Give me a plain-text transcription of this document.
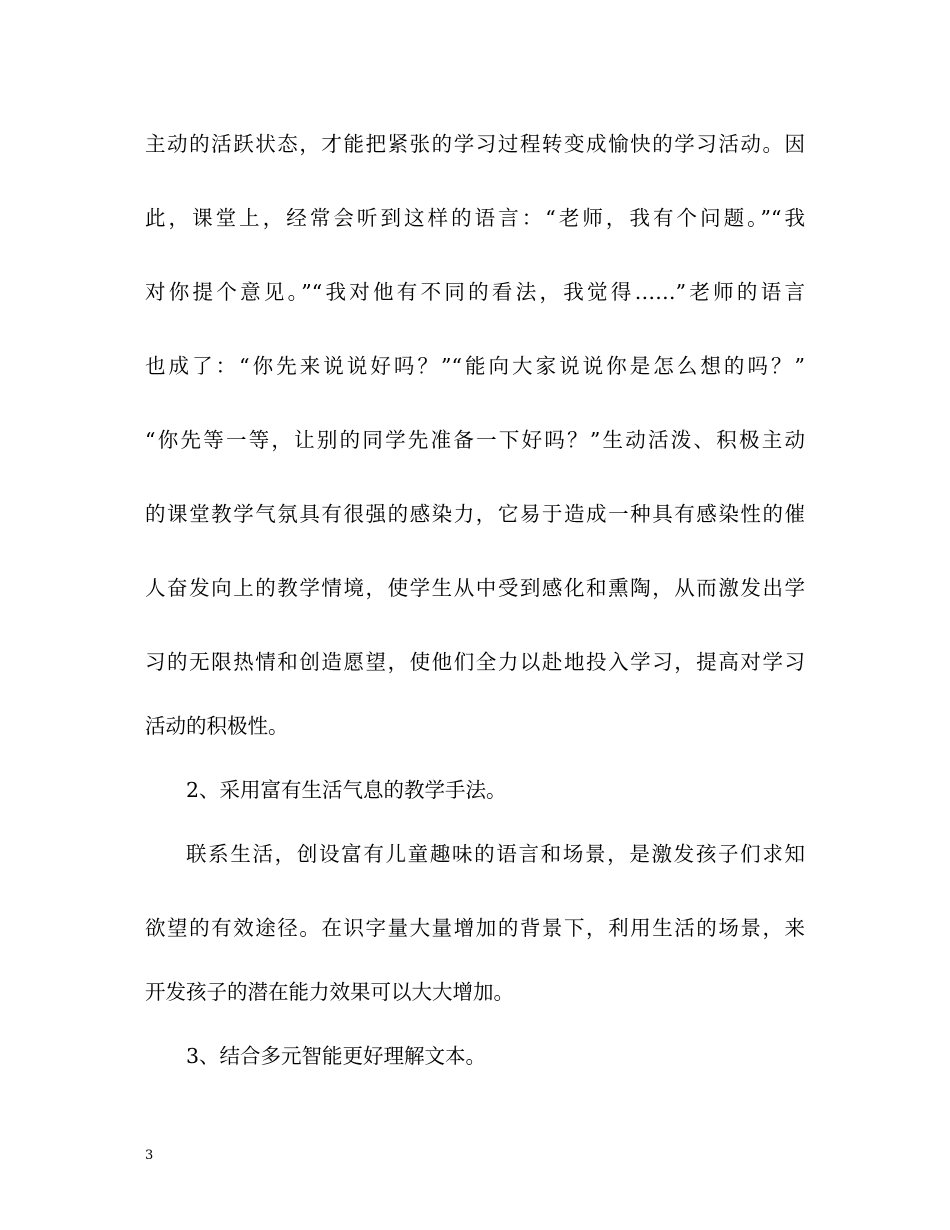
主动的活跃状态，才能把紧张的学习过程转变成愉快的学习活动。因
此，课堂上，经常会听到这样的语言：“老师，我有个问题。”“我
对你提个意见。”“我对他有不同的看法，我觉得……”老师的语言
也成了：“你先来说说好吗？”“能向大家说说你是怎么想的吗？”
“你先等一等，让别的同学先准备一下好吗？”生动活泼、积极主动
的课堂教学气氛具有很强的感染力，它易于造成一种具有感染性的催
人奋发向上的教学情境，使学生从中受到感化和熏陶，从而激发出学
习的无限热情和创造愿望，使他们全力以赴地投入学习，提高对学习
活动的积极性。
2、采用富有生活气息的教学手法。
联系生活，创设富有儿童趣味的语言和场景，是激发孩子们求知
欲望的有效途径。在识字量大量增加的背景下，利用生活的场景，来
开发孩子的潜在能力效果可以大大增加。
3、结合多元智能更好理解文本。
3
